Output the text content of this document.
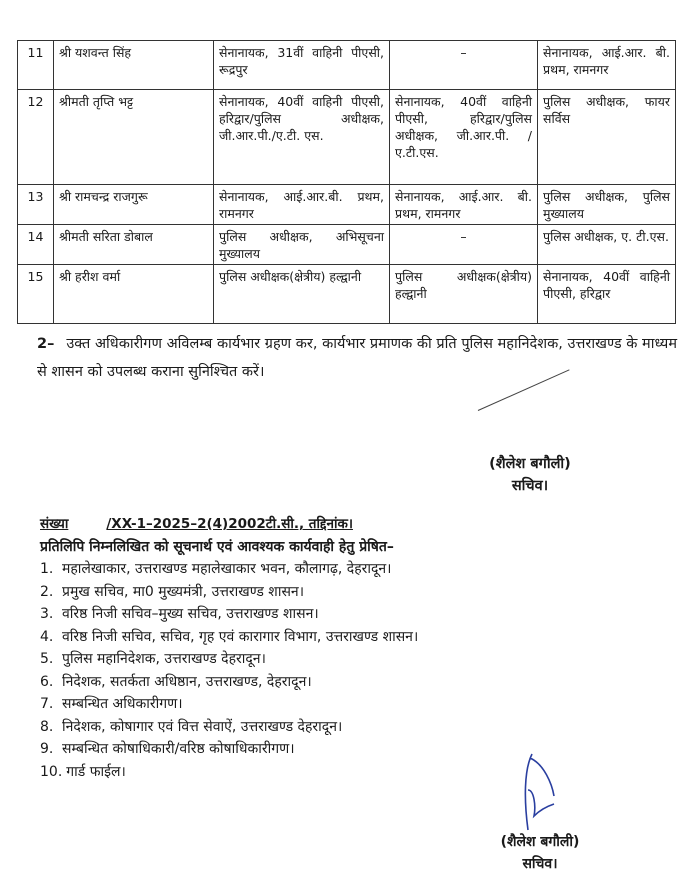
11	श्री यशवन्त सिंह	सेनानायक, 31वीं वाहिनी पीएसी, रूद्रपुर	–	सेनानायक, आई.आर. बी. प्रथम, रामनगर
12	श्रीमती तृप्ति भट्ट	सेनानायक, 40वीं वाहिनी पीएसी, हरिद्वार/पुलिस अधीक्षक, जी.आर.पी./ए.टी. एस.	सेनानायक, 40वीं वाहिनी पीएसी, हरिद्वार/पुलिस अधीक्षक, जी.आर.पी. /ए.टी.एस.	पुलिस अधीक्षक, फायर सर्विस
13	श्री रामचन्द्र राजगुरू	सेनानायक, आई.आर.बी. प्रथम, रामनगर	सेनानायक, आई.आर. बी. प्रथम, रामनगर	पुलिस अधीक्षक, पुलिस मुख्यालय
14	श्रीमती सरिता डोबाल	पुलिस अधीक्षक, अभिसूचना मुख्यालय	–	पुलिस अधीक्षक, ए. टी.एस.
15	श्री हरीश वर्मा	पुलिस अधीक्षक(क्षेत्रीय) हल्द्वानी	पुलिस अधीक्षक(क्षेत्रीय) हल्द्वानी	सेनानायक, 40वीं वाहिनी पीएसी, हरिद्वार
2– उक्त अधिकारीगण अविलम्ब कार्यभार ग्रहण कर, कार्यभार प्रमाणक की प्रति पुलिस महानिदेशक, उत्तराखण्ड के माध्यम से शासन को उपलब्ध कराना सुनिश्चित करें।
(शैलेश बगौली)
सचिव।
संख्या	/XX-1–2025–2(4)2002टी.सी., तद्दिनांक।
प्रतिलिपि निम्नलिखित को सूचनार्थ एवं आवश्यक कार्यवाही हेतु प्रेषित–
1. महालेखाकार, उत्तराखण्ड महालेखाकार भवन, कौलागढ़, देहरादून।
2. प्रमुख सचिव, मा0 मुख्यमंत्री, उत्तराखण्ड शासन।
3. वरिष्ठ निजी सचिव–मुख्य सचिव, उत्तराखण्ड शासन।
4. वरिष्ठ निजी सचिव, सचिव, गृह एवं कारागार विभाग, उत्तराखण्ड शासन।
5. पुलिस महानिदेशक, उत्तराखण्ड देहरादून।
6. निदेशक, सतर्कता अधिष्ठान, उत्तराखण्ड, देहरादून।
7. सम्बन्धित अधिकारीगण।
8. निदेशक, कोषागार एवं वित्त सेवाऐं, उत्तराखण्ड देहरादून।
9. सम्बन्धित कोषाधिकारी/वरिष्ठ कोषाधिकारीगण।
10. गार्ड फाईल।
(शैलेश बगौली)
सचिव।
